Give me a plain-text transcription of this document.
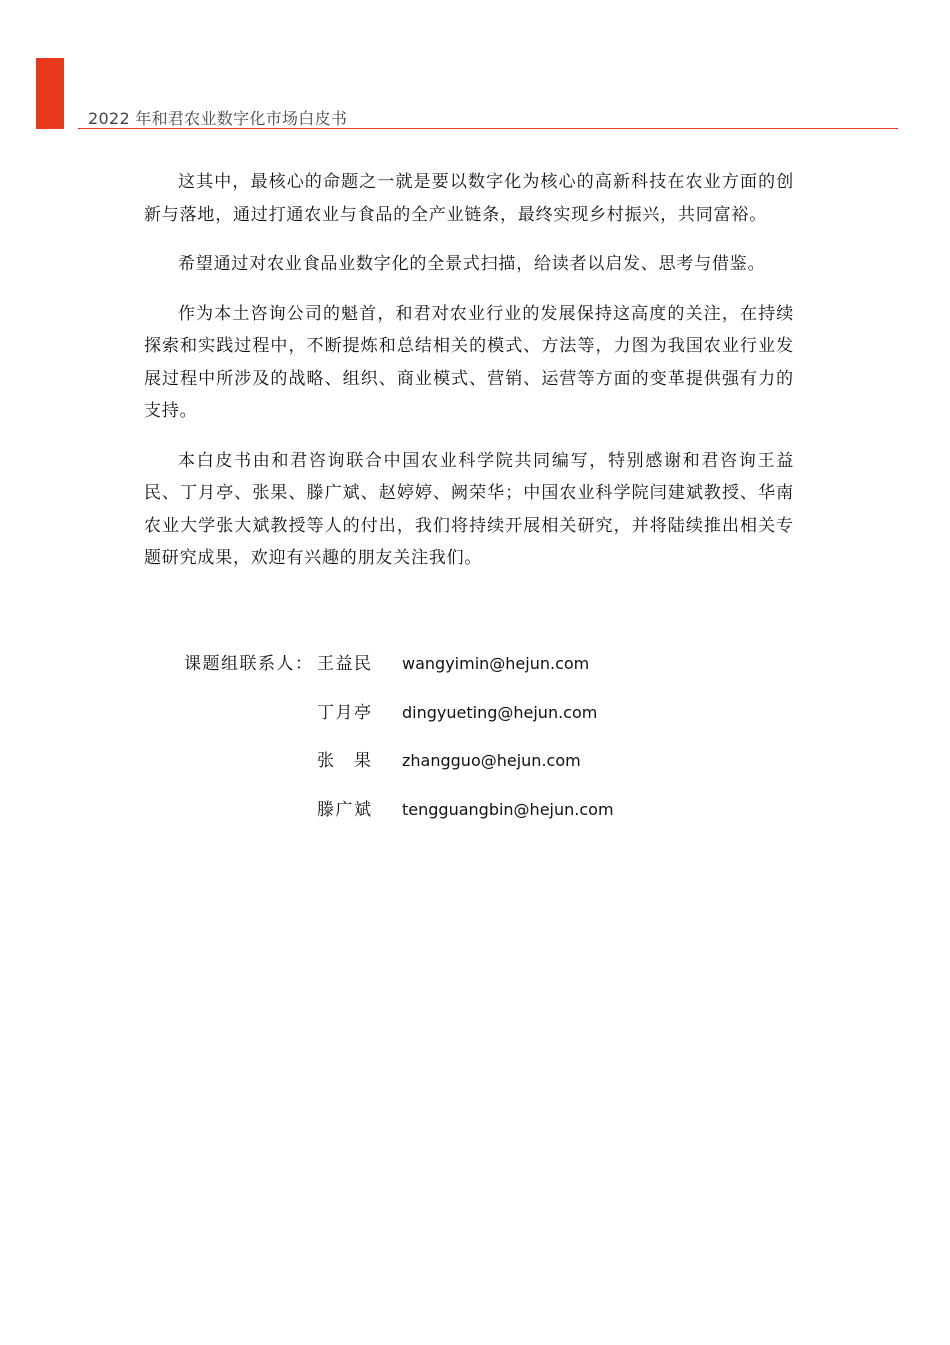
2022 年和君农业数字化市场白皮书

这其中，最核心的命题之一就是要以数字化为核心的高新科技在农业方面的创新与落地，通过打通农业与食品的全产业链条，最终实现乡村振兴，共同富裕。

希望通过对农业食品业数字化的全景式扫描，给读者以启发、思考与借鉴。

作为本土咨询公司的魁首，和君对农业行业的发展保持这高度的关注，在持续探索和实践过程中，不断提炼和总结相关的模式、方法等，力图为我国农业行业发展过程中所涉及的战略、组织、商业模式、营销、运营等方面的变革提供强有力的支持。

本白皮书由和君咨询联合中国农业科学院共同编写，特别感谢和君咨询王益民、丁月亭、张果、滕广斌、赵婷婷、阙荣华；中国农业科学院闫建斌教授、华南农业大学张大斌教授等人的付出，我们将持续开展相关研究，并将陆续推出相关专题研究成果，欢迎有兴趣的朋友关注我们。

课题组联系人： 王益民 wangyimin@hejun.com
丁月亭 dingyueting@hejun.com
张　果 zhangguo@hejun.com
滕广斌 tengguangbin@hejun.com
